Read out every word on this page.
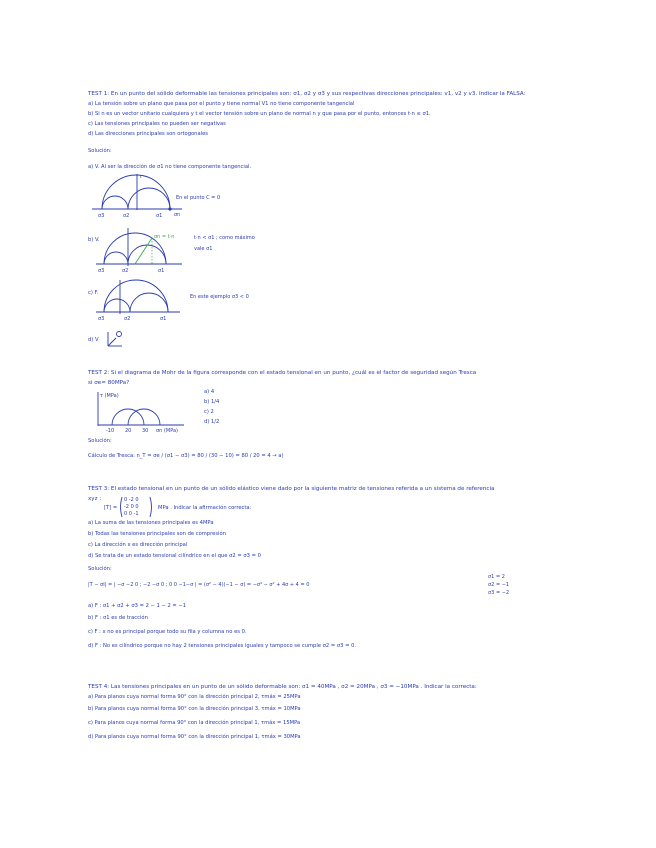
TEST 1: En un punto del sólido deformable las tensiones principales son: σ1, σ2 y σ3 y sus respectivas direcciones principales: v1, v2 y v3. Indicar la FALSA:
a) La tensión sobre un plano que pasa por el punto y tiene normal V1 no tiene componente tangencial
b) Si n es un vector unitario cualquiera y t el vector tensión sobre un plano de normal n y que pasa por el punto, entonces t·n ≤ σ1.
c) Las tensiones principales no pueden ser negativas
d) Las direcciones principales son ortogonales
Solución:
a) V. Al ser la dirección de σ1 no tiene componente tangencial.
τ
σn
σ3	σ2	σ1
En el punto C = 0
b) V.	σn = t·n
σ3	σ2	σ1
t·n < σ1 ; como máximo
vale σ1
c) F.
σ3	σ2	σ1
En este ejemplo σ3 < 0
d) V
TEST 2: Si el diagrama de Mohr de la figura corresponde con el estado tensional en un punto, ¿cuál es el factor de seguridad según Tresca
si σe= 80MPa?
τ (MPa)
-10 20 30 σn (MPa)
a) 4
b) 1/4
c) 2
d) 1/2
Solución:
Cálculo de Tresca: n_T = σe / (σ1 − σ3) = 80 / (30 − 10) = 80 / 20 = 4 → a)
TEST 3: El estado tensional en un punto de un sólido elástico viene dado por la siguiente matriz de tensiones referida a un sistema de referencia
xyz :
[T] =
0 -2 0
-2 0 0
0 0 -1
MPa . Indicar la afirmación correcta:
a) La suma de las tensiones principales es 4MPa
b) Todas las tensiones principales son de compresión
c) La dirección x es dirección principal
d) Se trata de un estado tensional cilíndrico en el que σ2 = σ3 = 0
Solución:
|T − σI| = | −σ −2 0 ; −2 −σ 0 ; 0 0 −1−σ | = (σ² − 4)(−1 − σ) = −σ³ − σ² + 4σ + 4 = 0
σ1 = 2
σ2 = −1
σ3 = −2
a) F : σ1 + σ2 + σ3 = 2 − 1 − 2 = −1
b) F : σ1 es de tracción
c) F : x no es principal porque todo su fila y columna no es 0.
d) F : No es cilíndrico porque no hay 2 tensiones principales iguales y tampoco se cumple σ2 = σ3 = 0.
TEST 4: Las tensiones principales en un punto de un sólido deformable son: σ1 = 40MPa , σ2 = 20MPa , σ3 = −10MPa . Indicar la correcta:
a) Para planos cuya normal forma 90° con la dirección principal 2, τmáx = 25MPa
b) Para planos cuya normal forma 90° con la dirección principal 3, τmáx = 10MPa
c) Para planos cuya normal forma 90° con la dirección principal 1, τmáx = 15MPa
d) Para planos cuya normal forma 90° con la dirección principal 1, τmáx = 30MPa
